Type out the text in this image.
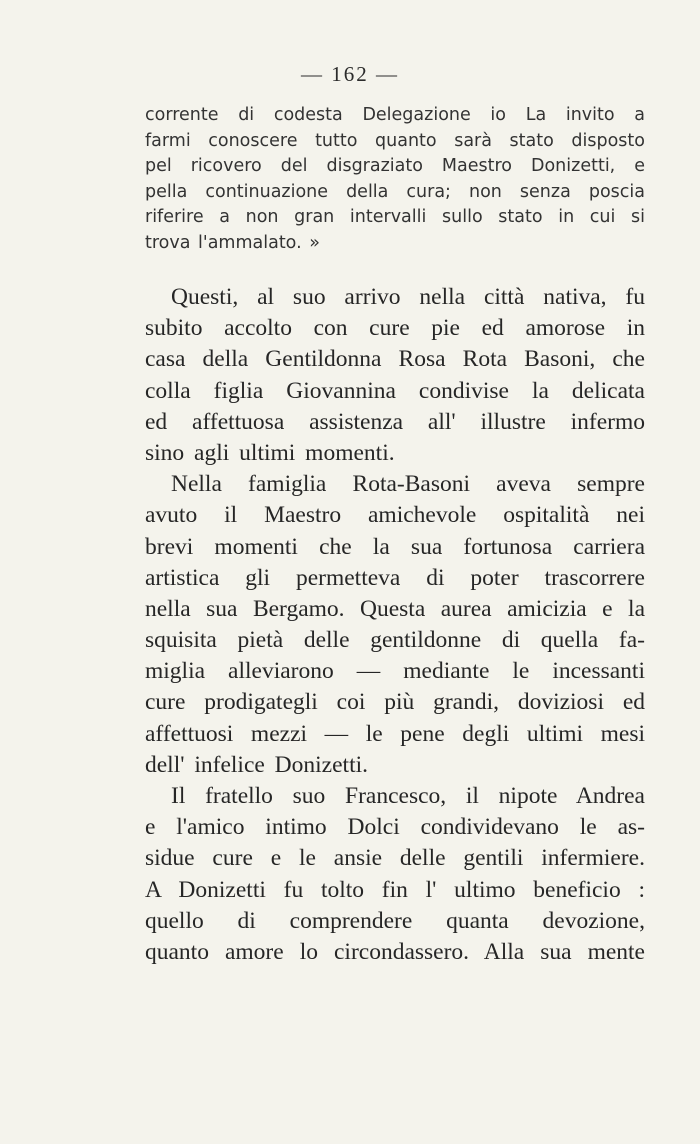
— 162 —
corrente di codesta Delegazione io La invito a
farmi conoscere tutto quanto sarà stato disposto
pel ricovero del disgraziato Maestro Donizetti, e
pella continuazione della cura; non senza poscia
riferire a non gran intervalli sullo stato in cui si
trova l'ammalato. »
Questi, al suo arrivo nella città nativa, fu
subito accolto con cure pie ed amorose in
casa della Gentildonna Rosa Rota Basoni, che
colla figlia Giovannina condivise la delicata
ed affettuosa assistenza all' illustre infermo
sino agli ultimi momenti.
Nella famiglia Rota-Basoni aveva sempre
avuto il Maestro amichevole ospitalità nei
brevi momenti che la sua fortunosa carriera
artistica gli permetteva di poter trascorrere
nella sua Bergamo. Questa aurea amicizia e la
squisita pietà delle gentildonne di quella fa-
miglia alleviarono — mediante le incessanti
cure prodigategli coi più grandi, doviziosi ed
affettuosi mezzi — le pene degli ultimi mesi
dell' infelice Donizetti.
Il fratello suo Francesco, il nipote Andrea
e l'amico intimo Dolci condividevano le as-
sidue cure e le ansie delle gentili infermiere.
A Donizetti fu tolto fin l' ultimo beneficio :
quello di comprendere quanta devozione,
quanto amore lo circondassero. Alla sua mente
